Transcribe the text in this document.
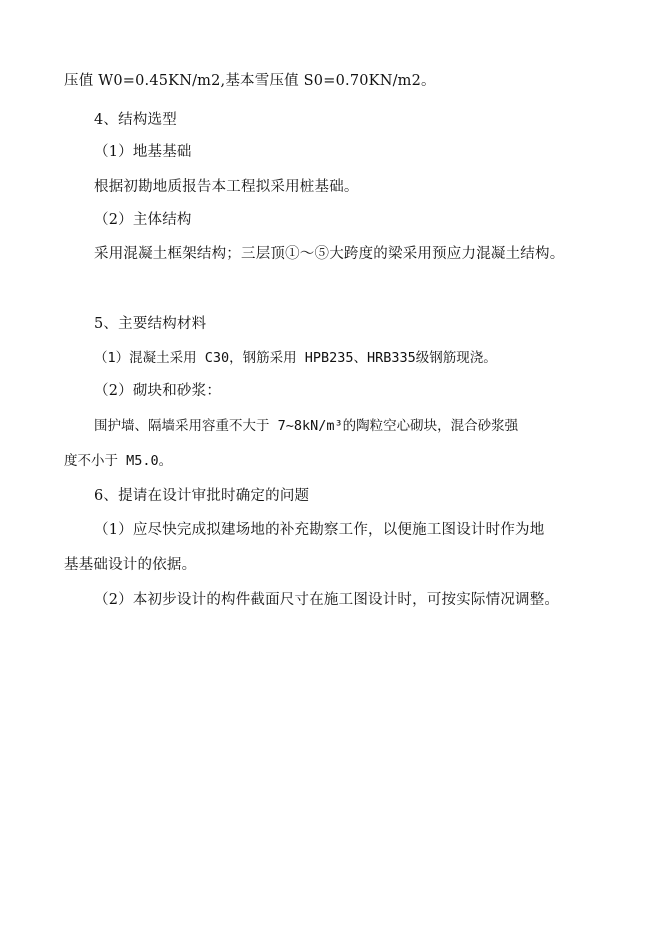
压值 W0=0.45KN/m2,基本雪压值 S0=0.70KN/m2。
4、结构选型
（1）地基基础
根据初勘地质报告本工程拟采用桩基础。
（2）主体结构
采用混凝土框架结构；三层顶①～⑤大跨度的梁采用预应力混凝土结构。
5、主要结构材料
（1）混凝土采用 C30，钢筋采用 HPB235、HRB335级钢筋现浇。
（2）砌块和砂浆：
围护墙、隔墙采用容重不大于 7~8kN/m³的陶粒空心砌块，混合砂浆强
度不小于 M5.0。
6、提请在设计审批时确定的问题
（1）应尽快完成拟建场地的补充勘察工作，以便施工图设计时作为地
基基础设计的依据。
（2）本初步设计的构件截面尺寸在施工图设计时，可按实际情况调整。
